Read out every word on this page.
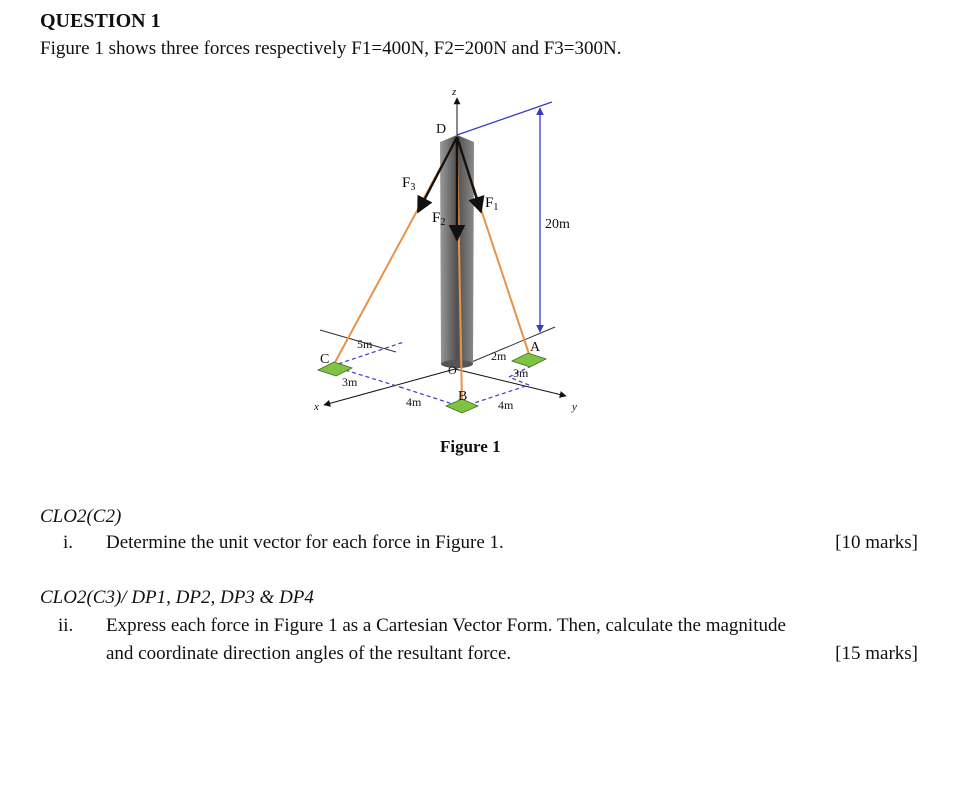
QUESTION 1
Figure 1 shows three forces respectively F1=400N, F2=200N and F3=300N.
z
D
C
O
B
A
x	y
$F_3$
$F_2$
$F_1$
20m
5m
3m
4m	4m
2m
3m
Figure 1
CLO2(C2)
i. Determine the unit vector for each force in Figure 1.	[10 marks]
CLO2(C3)/ DP1, DP2, DP3 & DP4
ii. Express each force in Figure 1 as a Cartesian Vector Form. Then, calculate the magnitude
and coordinate direction angles of the resultant force.	[15 marks]
